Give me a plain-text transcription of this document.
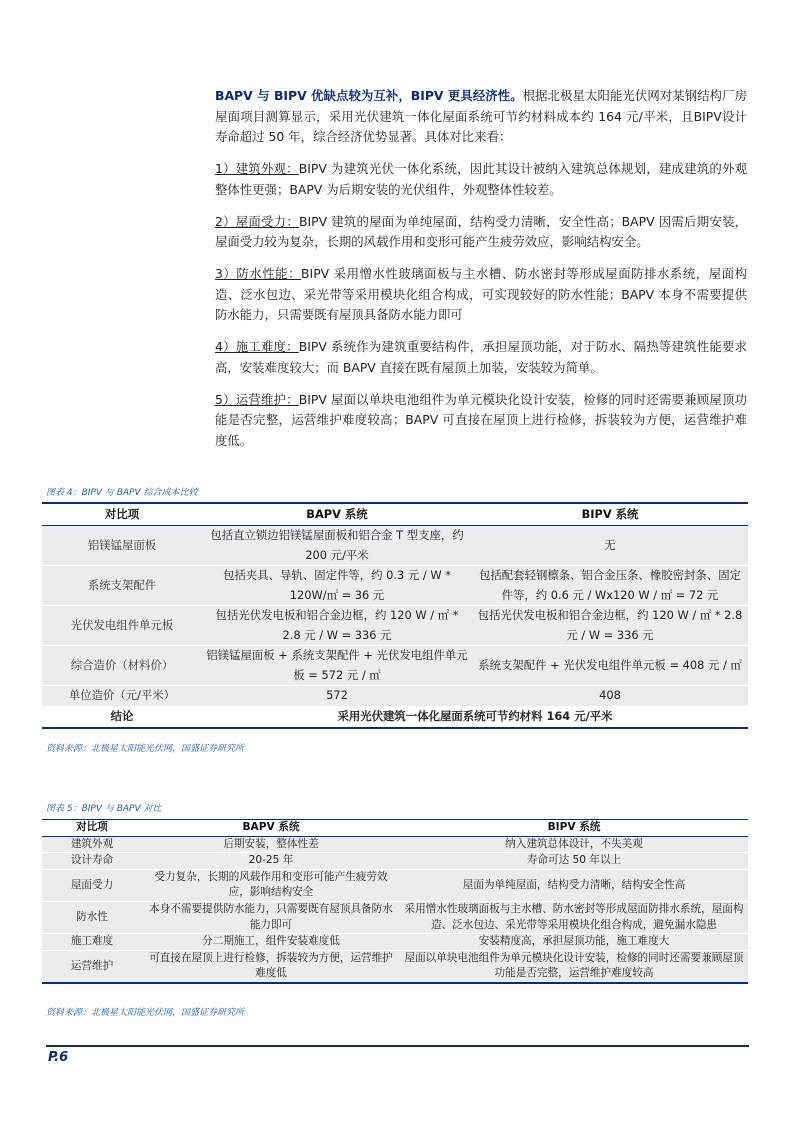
BAPV 与 BIPV 优缺点较为互补，BIPV 更具经济性。根据北极星太阳能光伏网对某钢结构厂房屋面项目测算显示，采用光伏建筑一体化屋面系统可节约材料成本约 164 元/平米，且BIPV设计寿命超过 50 年，综合经济优势显著。具体对比来看：

1）建筑外观：BIPV 为建筑光伏一体化系统，因此其设计被纳入建筑总体规划，建成建筑的外观整体性更强；BAPV 为后期安装的光伏组件，外观整体性较差。

2）屋面受力：BIPV 建筑的屋面为单纯屋面，结构受力清晰，安全性高；BAPV 因需后期安装，屋面受力较为复杂，长期的风载作用和变形可能产生疲劳效应，影响结构安全。

3）防水性能：BIPV 采用憎水性玻璃面板与主水槽、防水密封等形成屋面防排水系统，屋面构造、泛水包边、采光带等采用模块化组合构成，可实现较好的防水性能；BAPV 本身不需要提供防水能力，只需要既有屋顶具备防水能力即可

4）施工难度：BIPV 系统作为建筑重要结构件，承担屋顶功能，对于防水、隔热等建筑性能要求高，安装难度较大；而 BAPV 直接在既有屋顶上加装，安装较为简单。

5）运营维护：BIPV 屋面以单块电池组件为单元模块化设计安装，检修的同时还需要兼顾屋顶功能是否完整，运营维护难度较高；BAPV 可直接在屋顶上进行检修，拆装较为方便，运营维护难度低。

图表 4：BIPV 与 BAPV 综合成本比较
对比项	BAPV 系统	BIPV 系统
铝镁锰屋面板	包括直立锁边铝镁锰屋面板和铝合金 T 型支座，约 200 元/平米	无
系统支架配件	包括夹具、导轨、固定件等，约 0.3 元 / W * 120W/㎡ = 36 元	包括配套轻钢檩条、铝合金压条、橡胶密封条、固定件等，约 0.6 元 / Wx120 W / ㎡ = 72 元
光伏发电组件单元板	包括光伏发电板和铝合金边框，约 120 W / ㎡ * 2.8 元 / W = 336 元	包括光伏发电板和铝合金边框，约 120 W / ㎡ * 2.8 元 / W = 336 元
综合造价（材料价）	铝镁锰屋面板 + 系统支架配件 + 光伏发电组件单元板 = 572 元 / ㎡	系统支架配件 + 光伏发电组件单元板 = 408 元 / ㎡
单位造价（元/平米）	572	408
结论	采用光伏建筑一体化屋面系统可节约材料 164 元/平米	
资料来源：北极星太阳能光伏网，国盛证券研究所
图表 5：BIPV 与 BAPV 对比
对比项	BAPV 系统	BIPV 系统
建筑外观	后期安装，整体性差	纳入建筑总体设计，不失美观
设计寿命	20-25 年	寿命可达 50 年以上
屋面受力	受力复杂，长期的风载作用和变形可能产生疲劳效应，影响结构安全	屋面为单纯屋面，结构受力清晰，结构安全性高
防水性	本身不需要提供防水能力，只需要既有屋顶具备防水能力即可	采用憎水性玻璃面板与主水槽、防水密封等形成屋面防排水系统，屋面构造、泛水包边、采光带等采用模块化组合构成，避免漏水隐患
施工难度	分二期施工，组件安装难度低	安装精度高，承担屋顶功能，施工难度大
运营维护	可直接在屋顶上进行检修，拆装较为方便，运营维护难度低	屋面以单块电池组件为单元模块化设计安装，检修的同时还需要兼顾屋顶功能是否完整，运营维护难度较高
资料来源：北极星太阳能光伏网，国盛证券研究所
P.6
